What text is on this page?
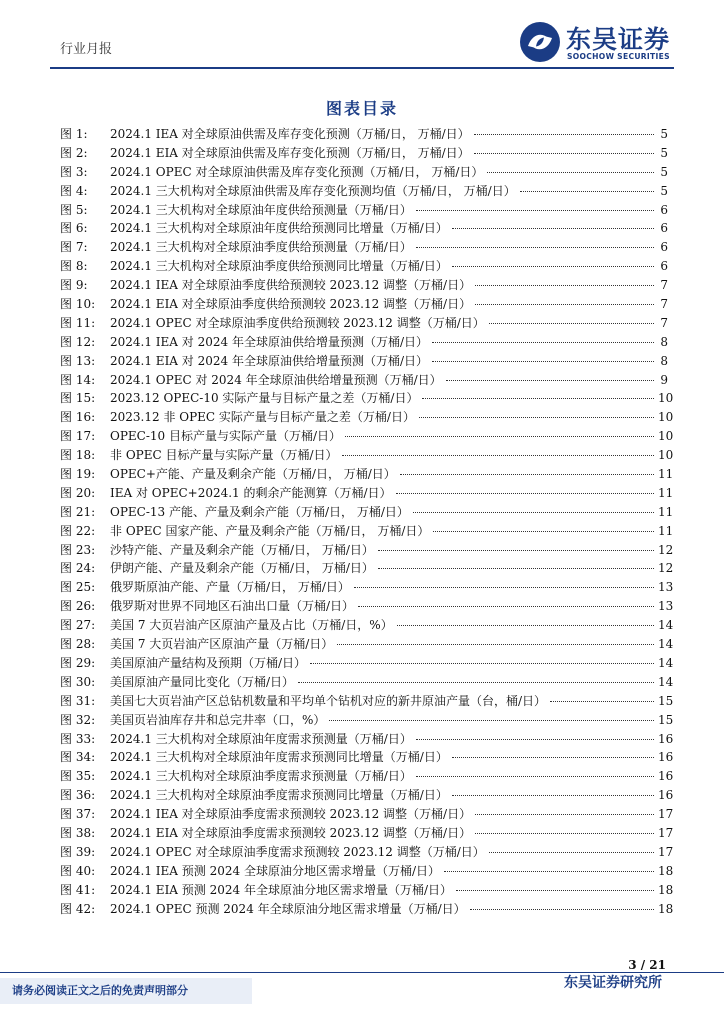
行业月报	东吴证券
SOOCHOW SECURITIES
图表目录
图 1:	2024.1 IEA 对全球原油供需及库存变化预测（万桶/日， 万桶/日）	5
图 2:	2024.1 EIA 对全球原油供需及库存变化预测（万桶/日， 万桶/日）	5
图 3:	2024.1 OPEC 对全球原油供需及库存变化预测（万桶/日， 万桶/日）	5
图 4:	2024.1 三大机构对全球原油供需及库存变化预测均值（万桶/日， 万桶/日）	5
图 5:	2024.1 三大机构对全球原油年度供给预测量（万桶/日）	6
图 6:	2024.1 三大机构对全球原油年度供给预测同比增量（万桶/日）	6
图 7:	2024.1 三大机构对全球原油季度供给预测量（万桶/日）	6
图 8:	2024.1 三大机构对全球原油季度供给预测同比增量（万桶/日）	6
图 9:	2024.1 IEA 对全球原油季度供给预测较 2023.12 调整（万桶/日）	7
图 10:	2024.1 EIA 对全球原油季度供给预测较 2023.12 调整（万桶/日）	7
图 11:	2024.1 OPEC 对全球原油季度供给预测较 2023.12 调整（万桶/日）	7
图 12:	2024.1 IEA 对 2024 年全球原油供给增量预测（万桶/日）	8
图 13:	2024.1 EIA 对 2024 年全球原油供给增量预测（万桶/日）	8
图 14:	2024.1 OPEC 对 2024 年全球原油供给增量预测（万桶/日）	9
图 15:	2023.12 OPEC-10 实际产量与目标产量之差（万桶/日）	10
图 16:	2023.12 非 OPEC 实际产量与目标产量之差（万桶/日）	10
图 17:	OPEC-10 目标产量与实际产量（万桶/日）	10
图 18:	非 OPEC 目标产量与实际产量（万桶/日）	10
图 19:	OPEC+产能、产量及剩余产能（万桶/日， 万桶/日）	11
图 20:	IEA 对 OPEC+2024.1 的剩余产能测算（万桶/日）	11
图 21:	OPEC-13 产能、产量及剩余产能（万桶/日， 万桶/日）	11
图 22:	非 OPEC 国家产能、产量及剩余产能（万桶/日， 万桶/日）	11
图 23:	沙特产能、产量及剩余产能（万桶/日， 万桶/日）	12
图 24:	伊朗产能、产量及剩余产能（万桶/日， 万桶/日）	12
图 25:	俄罗斯原油产能、产量（万桶/日， 万桶/日）	13
图 26:	俄罗斯对世界不同地区石油出口量（万桶/日）	13
图 27:	美国 7 大页岩油产区原油产量及占比（万桶/日，%）	14
图 28:	美国 7 大页岩油产区原油产量（万桶/日）	14
图 29:	美国原油产量结构及预期（万桶/日）	14
图 30:	美国原油产量同比变化（万桶/日）	14
图 31:	美国七大页岩油产区总钻机数量和平均单个钻机对应的新井原油产量（台，桶/日）	15
图 32:	美国页岩油库存井和总完井率（口，%）	15
图 33:	2024.1 三大机构对全球原油年度需求预测量（万桶/日）	16
图 34:	2024.1 三大机构对全球原油年度需求预测同比增量（万桶/日）	16
图 35:	2024.1 三大机构对全球原油季度需求预测量（万桶/日）	16
图 36:	2024.1 三大机构对全球原油季度需求预测同比增量（万桶/日）	16
图 37:	2024.1 IEA 对全球原油季度需求预测较 2023.12 调整（万桶/日）	17
图 38:	2024.1 EIA 对全球原油季度需求预测较 2023.12 调整（万桶/日）	17
图 39:	2024.1 OPEC 对全球原油季度需求预测较 2023.12 调整（万桶/日）	17
图 40:	2024.1 IEA 预测 2024 全球原油分地区需求增量（万桶/日）	18
图 41:	2024.1 EIA 预测 2024 年全球原油分地区需求增量（万桶/日）	18
图 42:	2024.1 OPEC 预测 2024 年全球原油分地区需求增量（万桶/日）	18
3 / 21
请务必阅读正文之后的免责声明部分	东吴证券研究所
